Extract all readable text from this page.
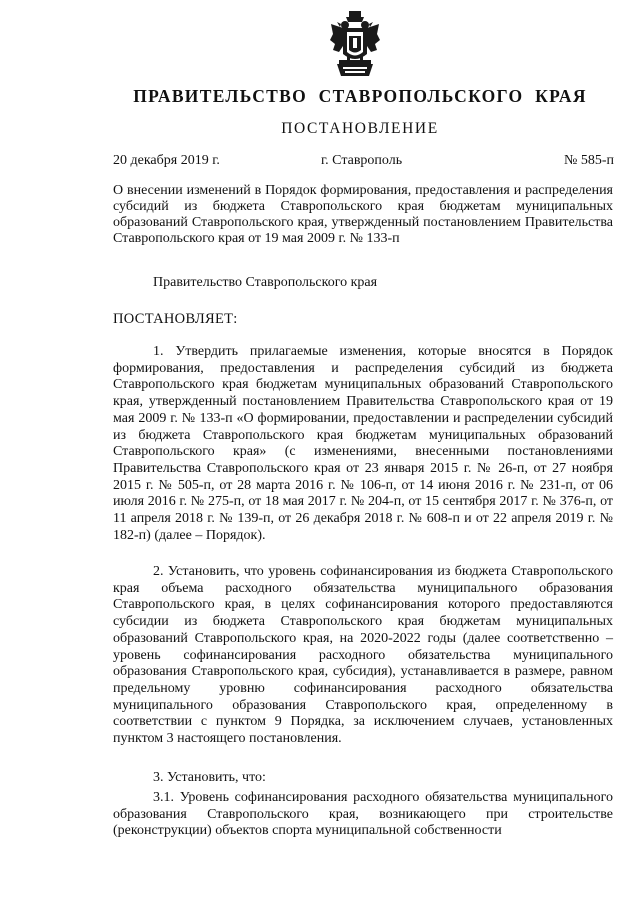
ПРАВИТЕЛЬСТВО СТАВРОПОЛЬСКОГО КРАЯ
ПОСТАНОВЛЕНИЕ
20 декабря 2019 г.	г. Ставрополь	№ 585-п
О внесении изменений в Порядок формирования, предоставления и распределения субсидий из бюджета Ставропольского края бюджетам муниципальных образований Ставропольского края, утвержденный постановлением Правительства Ставропольского края от 19 мая 2009 г. № 133-п
Правительство Ставропольского края
ПОСТАНОВЛЯЕТ:

1. Утвердить прилагаемые изменения, которые вносятся в Порядок формирования, предоставления и распределения субсидий из бюджета Ставропольского края бюджетам муниципальных образований Ставропольского края, утвержденный постановлением Правительства Ставропольского края от 19 мая 2009 г. № 133-п «О формировании, предоставлении и распределении субсидий из бюджета Ставропольского края бюджетам муниципальных образований Ставропольского края» (с изменениями, внесенными постановлениями Правительства Ставропольского края от 23 января 2015 г. № 26-п, от 27 ноября 2015 г. № 505-п, от 28 марта 2016 г. № 106-п, от 14 июня 2016 г. № 231-п, от 06 июля 2016 г. № 275-п, от 18 мая 2017 г. № 204-п, от 15 сентября 2017 г. № 376-п, от 11 апреля 2018 г. № 139-п, от 26 декабря 2018 г. № 608-п и от 22 апреля 2019 г. № 182-п) (далее – Порядок).

2. Установить, что уровень софинансирования из бюджета Ставропольского края объема расходного обязательства муниципального образования Ставропольского края, в целях софинансирования которого предоставляются субсидии из бюджета Ставропольского края бюджетам муниципальных образований Ставропольского края, на 2020-2022 годы (далее соответственно – уровень софинансирования расходного обязательства муниципального образования Ставропольского края, субсидия), устанавливается в размере, равном предельному уровню софинансирования расходного обязательства муниципального образования Ставропольского края, определенному в соответствии с пунктом 9 Порядка, за исключением случаев, установленных пунктом 3 настоящего постановления.

3. Установить, что:

3.1. Уровень софинансирования расходного обязательства муниципального образования Ставропольского края, возникающего при строительстве (реконструкции) объектов спорта муниципальной собственности
